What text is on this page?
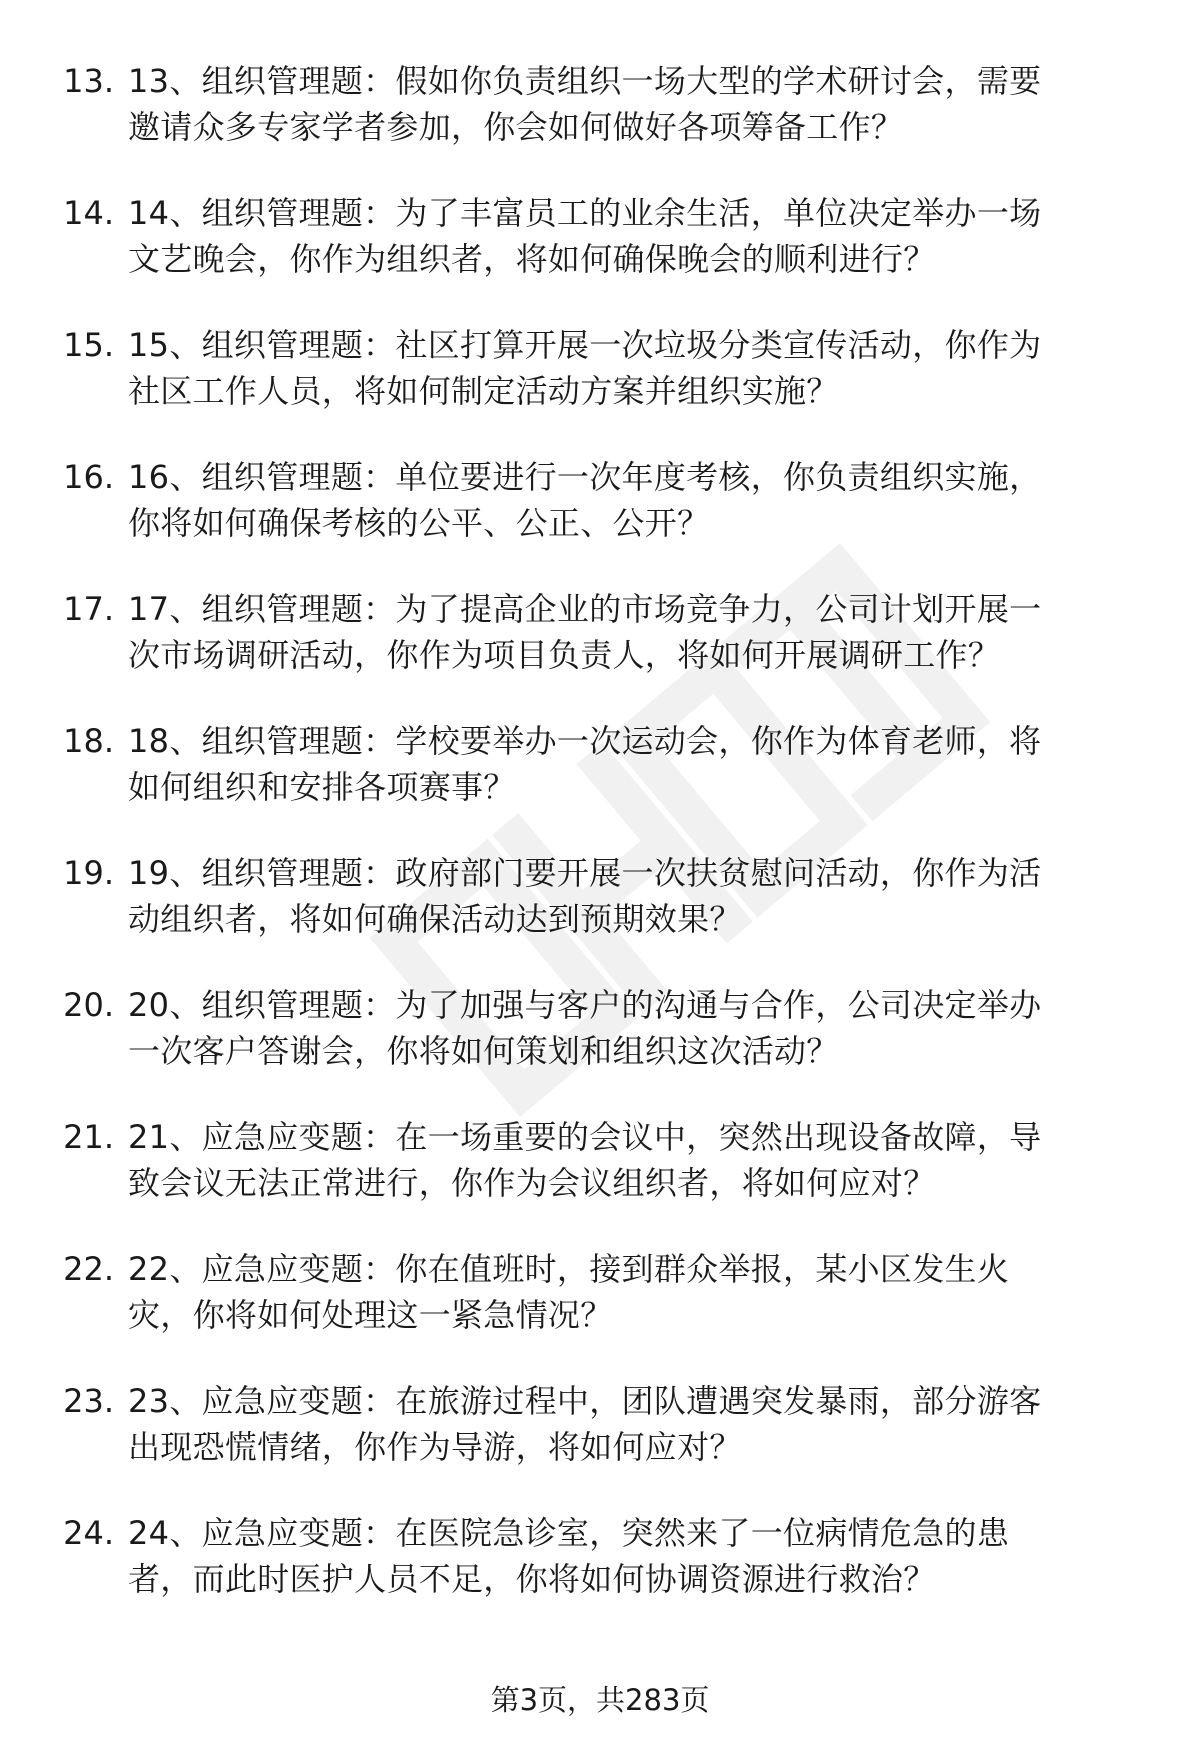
13. 13、组织管理题：假如你负责组织一场大型的学术研讨会，需要
邀请众多专家学者参加，你会如何做好各项筹备工作？
14. 14、组织管理题：为了丰富员工的业余生活，单位决定举办一场
文艺晚会，你作为组织者，将如何确保晚会的顺利进行？
15. 15、组织管理题：社区打算开展一次垃圾分类宣传活动，你作为
社区工作人员，将如何制定活动方案并组织实施？
16. 16、组织管理题：单位要进行一次年度考核，你负责组织实施，
你将如何确保考核的公平、公正、公开？
17. 17、组织管理题：为了提高企业的市场竞争力，公司计划开展一
次市场调研活动，你作为项目负责人，将如何开展调研工作？
18. 18、组织管理题：学校要举办一次运动会，你作为体育老师，将
如何组织和安排各项赛事？
19. 19、组织管理题：政府部门要开展一次扶贫慰问活动，你作为活
动组织者，将如何确保活动达到预期效果？
20. 20、组织管理题：为了加强与客户的沟通与合作，公司决定举办
一次客户答谢会，你将如何策划和组织这次活动？
21. 21、应急应变题：在一场重要的会议中，突然出现设备故障，导
致会议无法正常进行，你作为会议组织者，将如何应对？
22. 22、应急应变题：你在值班时，接到群众举报，某小区发生火
灾，你将如何处理这一紧急情况？
23. 23、应急应变题：在旅游过程中，团队遭遇突发暴雨，部分游客
出现恐慌情绪，你作为导游，将如何应对？
24. 24、应急应变题：在医院急诊室，突然来了一位病情危急的患
者，而此时医护人员不足，你将如何协调资源进行救治？
第3页，共283页
